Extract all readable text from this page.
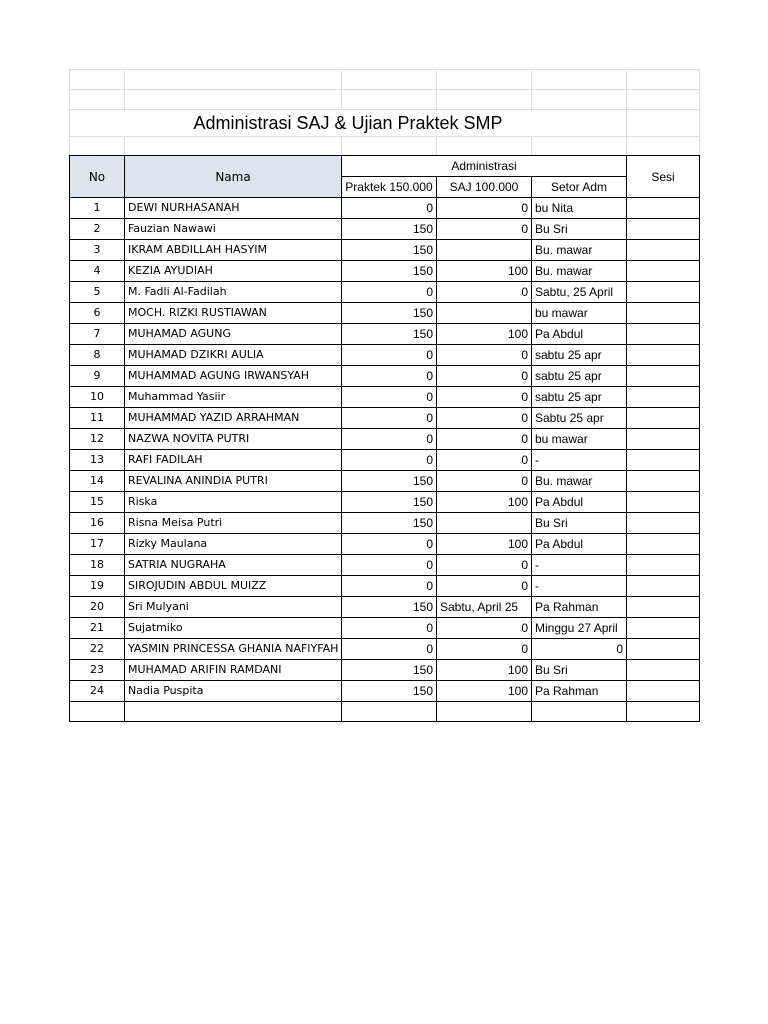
Administrasi SAJ & Ujian Praktek SMP					

No	Nama	Administrasi			Sesi
		Praktek 150.000	SAJ 100.000	Setor Adm	
1	DEWI NURHASANAH	0	0	bu Nita	
2	Fauzian Nawawi	150	0	Bu Sri	
3	IKRAM ABDILLAH HASYIM	150		Bu. mawar	
4	KEZIA AYUDIAH	150	100	Bu. mawar	
5	M. Fadli Al-Fadilah	0	0	Sabtu, 25 April	
6	MOCH. RIZKI RUSTIAWAN	150		bu mawar	
7	MUHAMAD AGUNG	150	100	Pa Abdul	
8	MUHAMAD DZIKRI AULIA	0	0	sabtu 25 apr	
9	MUHAMMAD AGUNG IRWANSYAH	0	0	sabtu 25 apr	
10	Muhammad Yasiir	0	0	sabtu 25 apr	
11	MUHAMMAD YAZID ARRAHMAN	0	0	Sabtu 25 apr	
12	NAZWA NOVITA PUTRI	0	0	bu mawar	
13	RAFI FADILAH	0	0	-	
14	REVALINA ANINDIA PUTRI	150	0	Bu. mawar	
15	Riska	150	100	Pa Abdul	
16	Risna Meisa Putri	150		Bu Sri	
17	Rizky Maulana	0	100	Pa Abdul	
18	SATRIA NUGRAHA	0	0	-	
19	SIROJUDIN ABDUL MUIZZ	0	0	-	
20	Sri Mulyani	150	Sabtu, April 25	Pa Rahman	
21	Sujatmiko	0	0	Minggu 27 April	
22	YASMIN PRINCESSA GHANIA NAFIYFAH	0	0	0	
23	MUHAMAD ARIFIN RAMDANI	150	100	Bu Sri	
24	Nadia Puspita	150	100	Pa Rahman	
